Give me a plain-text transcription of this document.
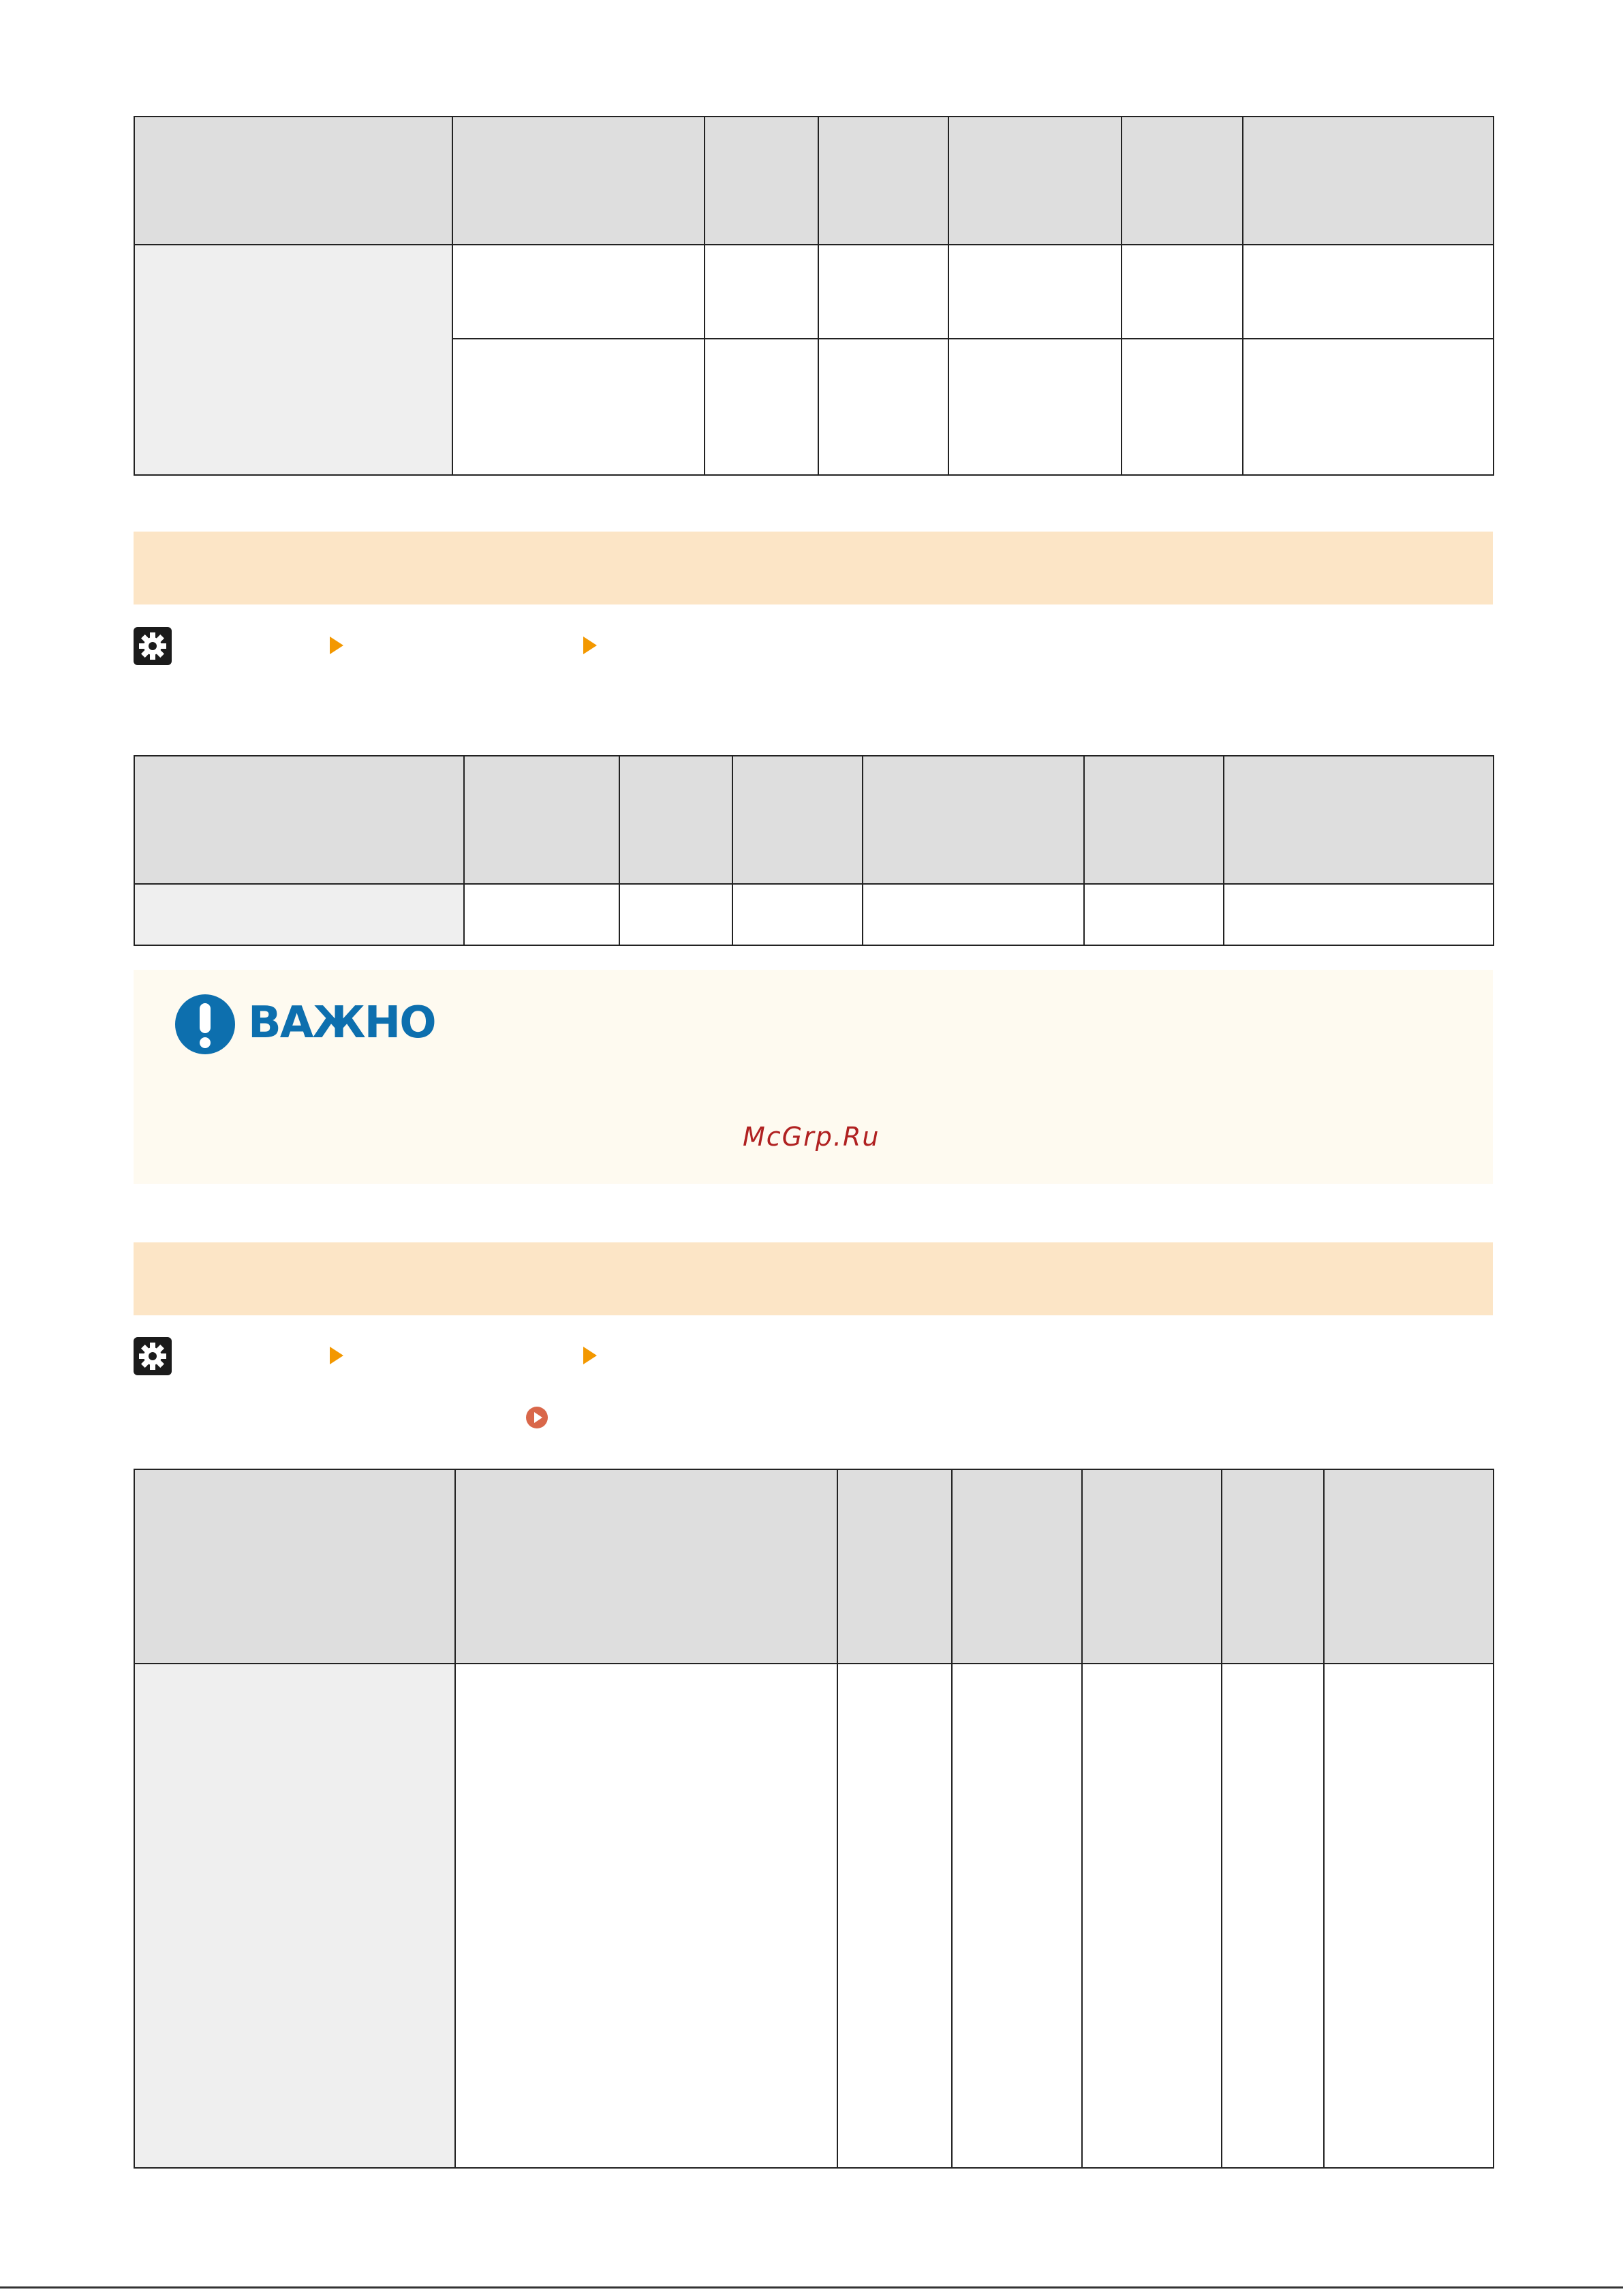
ВАЖНО
McGrp.Ru
